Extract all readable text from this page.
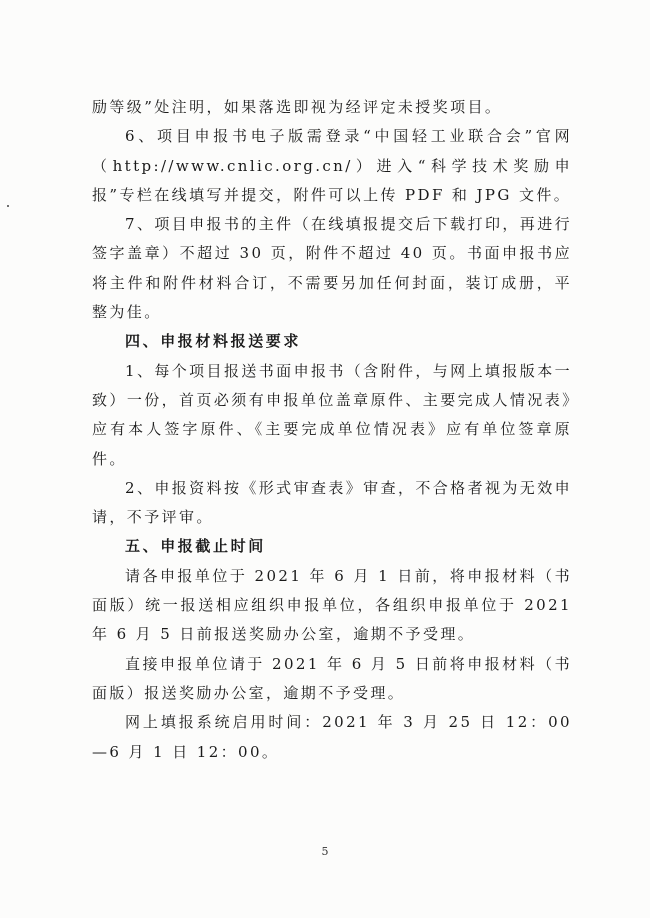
励等级”处注明，如果落选即视为经评定未授奖项目。

6、项目申报书电子版需登录“中国轻工业联合会”官网（http://www.cnlic.org.cn/）进入“科学技术奖励申报”专栏在线填写并提交，附件可以上传 PDF 和 JPG 文件。

7、项目申报书的主件（在线填报提交后下载打印，再进行签字盖章）不超过 30 页，附件不超过 40 页。书面申报书应将主件和附件材料合订，不需要另加任何封面，装订成册，平整为佳。

四、申报材料报送要求

1、每个项目报送书面申报书（含附件，与网上填报版本一致）一份，首页必须有申报单位盖章原件、主要完成人情况表》应有本人签字原件、《主要完成单位情况表》应有单位签章原件。

2、申报资料按《形式审查表》审查，不合格者视为无效申请，不予评审。

五、申报截止时间

请各申报单位于 2021 年 6 月 1 日前，将申报材料（书面版）统一报送相应组织申报单位，各组织申报单位于 2021 年 6 月 5 日前报送奖励办公室，逾期不予受理。

直接申报单位请于 2021 年 6 月 5 日前将申报材料（书面版）报送奖励办公室，逾期不予受理。

网上填报系统启用时间：2021 年 3 月 25 日 12：00—6 月 1 日 12：00。

5
